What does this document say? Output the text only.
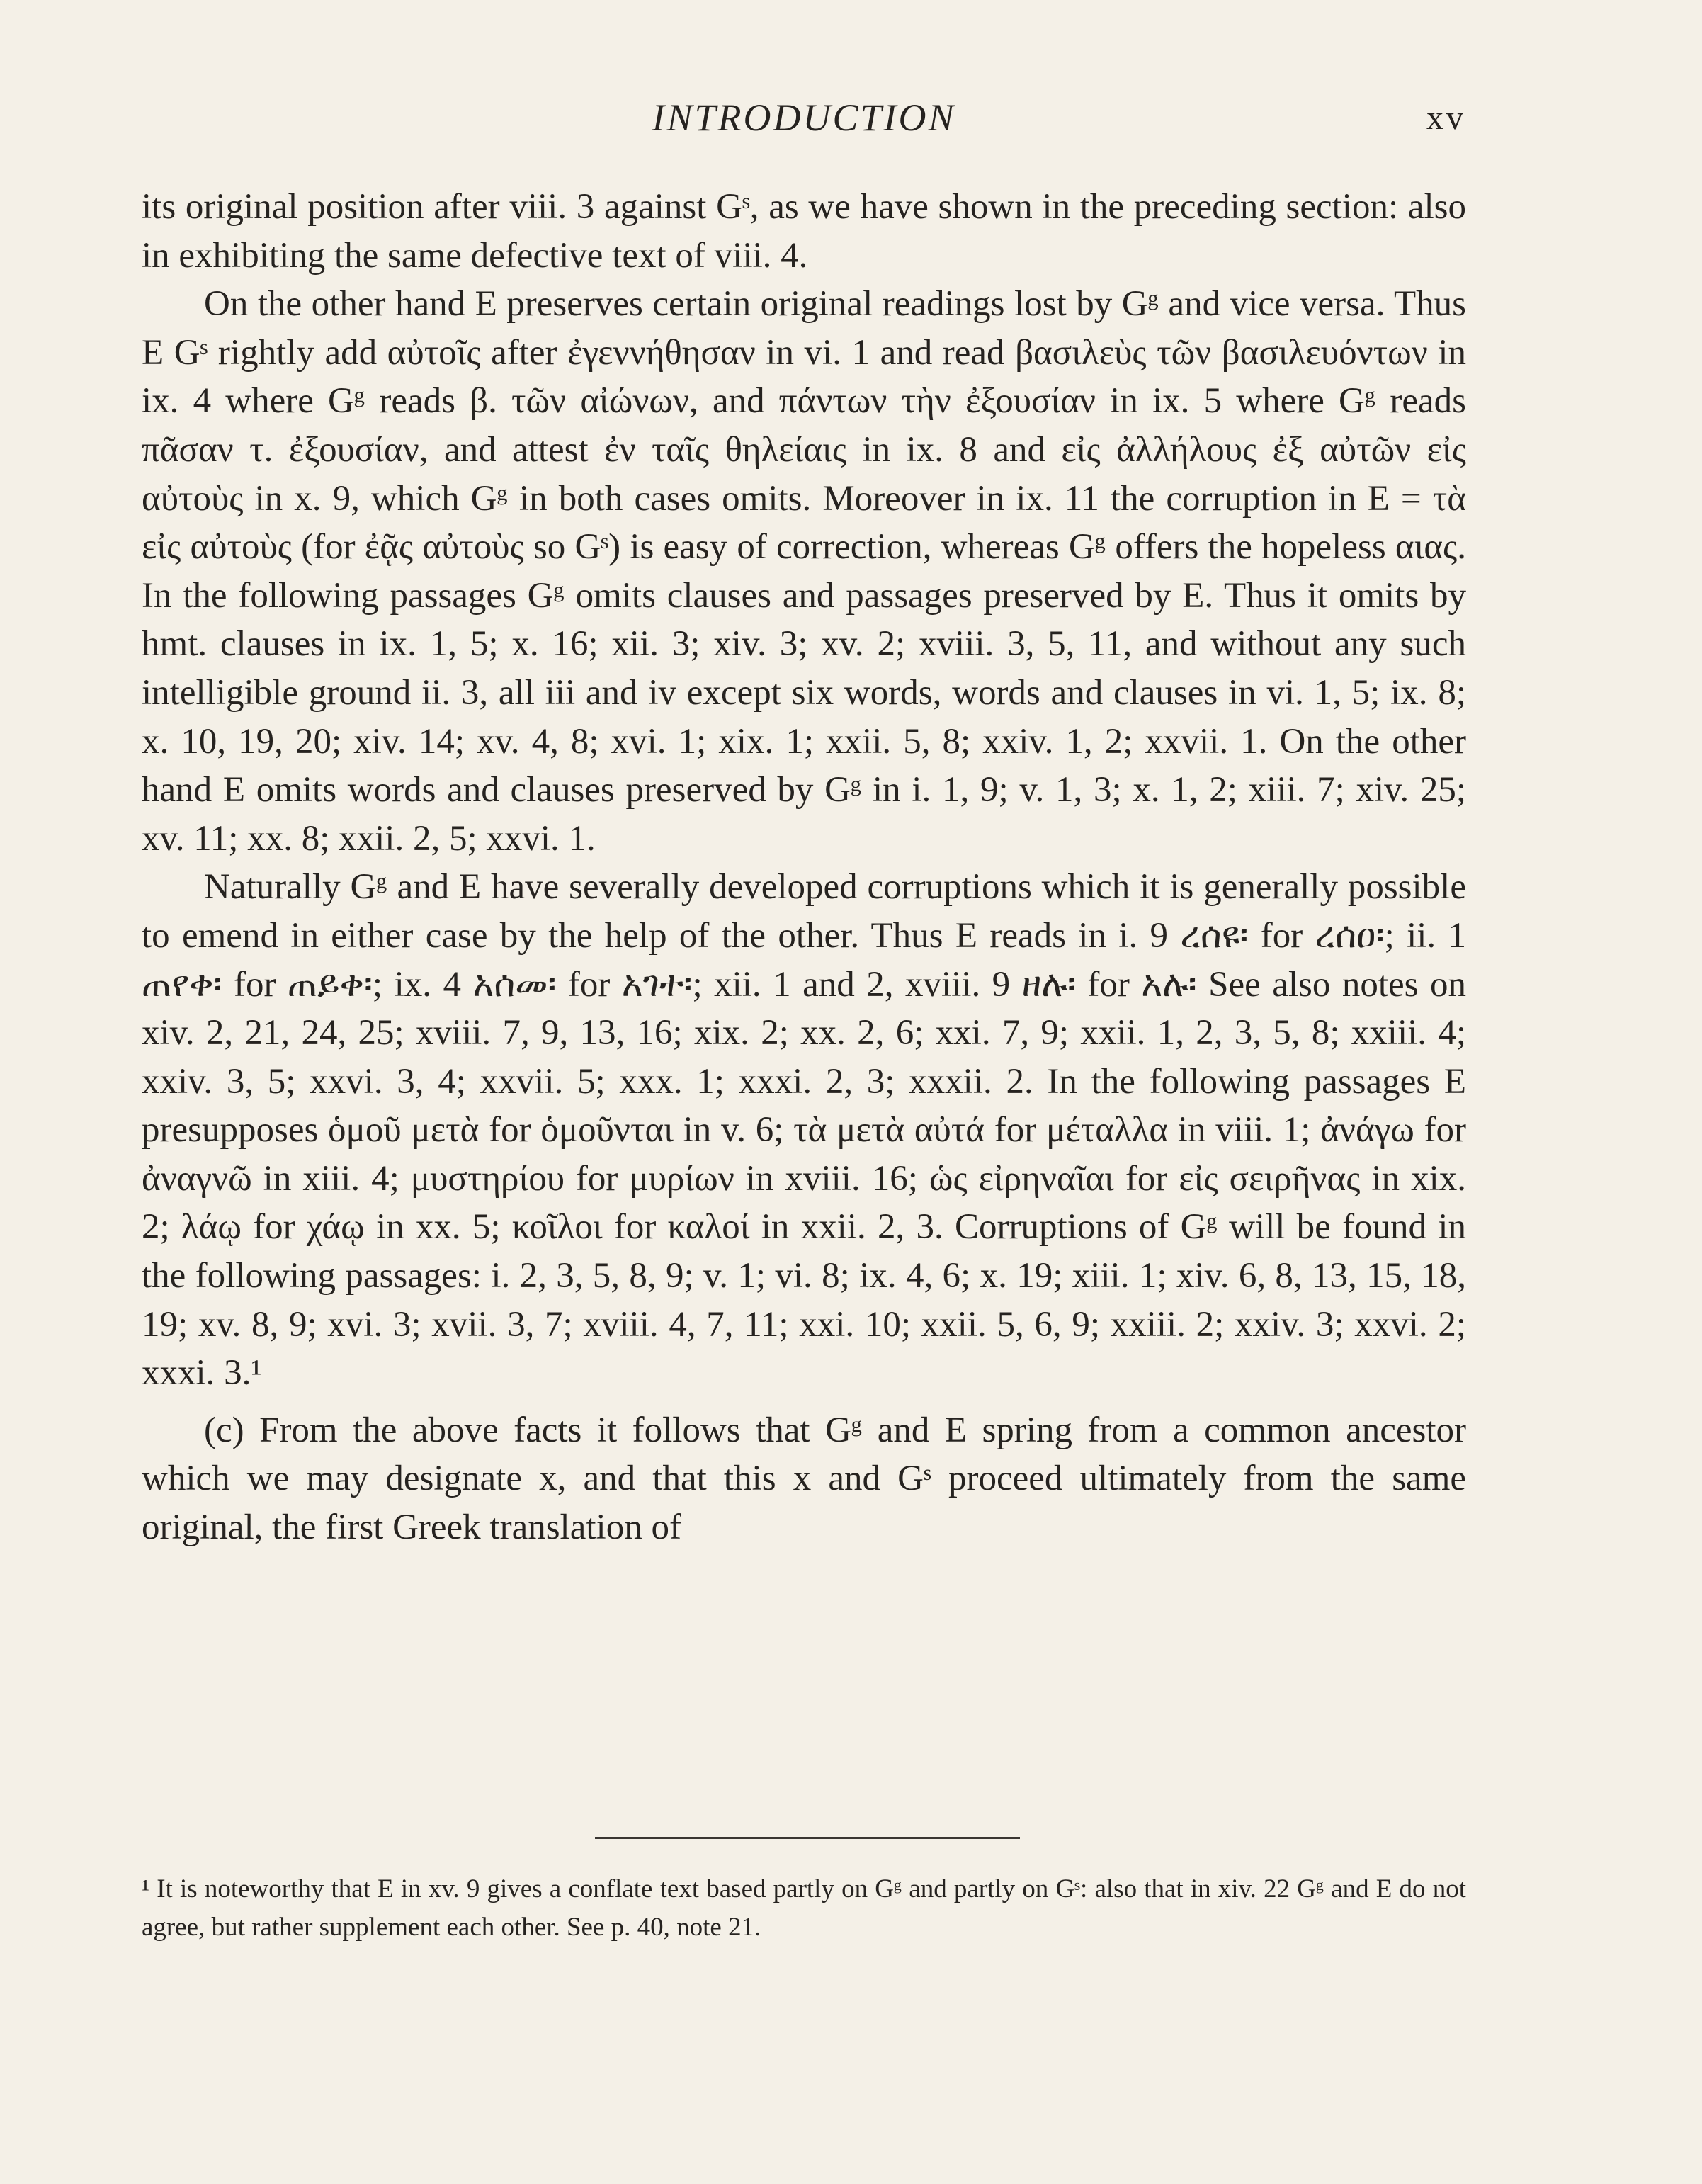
INTRODUCTION	xv

its original position after viii. 3 against Gˢ, as we have shown in the preceding section: also in exhibiting the same defective text of viii. 4.

On the other hand E preserves certain original readings lost by Gᵍ and vice versa. Thus E Gˢ rightly add αὐτοῖς after ἐγεννήθησαν in vi. 1 and read βασιλεὺς τῶν βασιλευόντων in ix. 4 where Gᵍ reads β. τῶν αἰώνων, and πάντων τὴν ἐξουσίαν in ix. 5 where Gᵍ reads πᾶσαν τ. ἐξουσίαν, and attest ἐν ταῖς θηλείαις in ix. 8 and εἰς ἀλλήλους ἐξ αὐτῶν εἰς αὐτοὺς in x. 9, which Gᵍ in both cases omits. Moreover in ix. 11 the corruption in E = τὰ εἰς αὐτοὺς (for ἐᾷς αὐτοὺς so Gˢ) is easy of correction, whereas Gᵍ offers the hopeless αιας. In the following passages Gᵍ omits clauses and passages preserved by E. Thus it omits by hmt. clauses in ix. 1, 5; x. 16; xii. 3; xiv. 3; xv. 2; xviii. 3, 5, 11, and without any such intelligible ground ii. 3, all iii and iv except six words, words and clauses in vi. 1, 5; ix. 8; x. 10, 19, 20; xiv. 14; xv. 4, 8; xvi. 1; xix. 1; xxii. 5, 8; xxiv. 1, 2; xxvii. 1. On the other hand E omits words and clauses preserved by Gᵍ in i. 1, 9; v. 1, 3; x. 1, 2; xiii. 7; xiv. 25; xv. 11; xx. 8; xxii. 2, 5; xxvi. 1.

Naturally Gᵍ and E have severally developed corruptions which it is generally possible to emend in either case by the help of the other. Thus E reads in i. 9 ረሰዩ፡ for ረሰዐ፡; ii. 1 ጠየቀ፡ for ጠይቀ፡; ix. 4 አሰመ፡ for አገተ፡; xii. 1 and 2, xviii. 9 ዘሉ፡ for አሉ፡ See also notes on xiv. 2, 21, 24, 25; xviii. 7, 9, 13, 16; xix. 2; xx. 2, 6; xxi. 7, 9; xxii. 1, 2, 3, 5, 8; xxiii. 4; xxiv. 3, 5; xxvi. 3, 4; xxvii. 5; xxx. 1; xxxi. 2, 3; xxxii. 2. In the following passages E presupposes ὁμοῦ μετὰ for ὁμοῦνται in v. 6; τὰ μετὰ αὐτά for μέταλλα in viii. 1; ἀνάγω for ἀναγνῶ in xiii. 4; μυστηρίου for μυρίων in xviii. 16; ὡς εἰρηναῖαι for εἰς σειρῆνας in xix. 2; λάῳ for χάῳ in xx. 5; κοῖλοι for καλοί in xxii. 2, 3. Corruptions of Gᵍ will be found in the following passages: i. 2, 3, 5, 8, 9; v. 1; vi. 8; ix. 4, 6; x. 19; xiii. 1; xiv. 6, 8, 13, 15, 18, 19; xv. 8, 9; xvi. 3; xvii. 3, 7; xviii. 4, 7, 11; xxi. 10; xxii. 5, 6, 9; xxiii. 2; xxiv. 3; xxvi. 2; xxxi. 3.¹

(c) From the above facts it follows that Gᵍ and E spring from a common ancestor which we may designate x, and that this x and Gˢ proceed ultimately from the same original, the first Greek translation of

¹ It is noteworthy that E in xv. 9 gives a conflate text based partly on Gᵍ and partly on Gˢ: also that in xiv. 22 Gᵍ and E do not agree, but rather supplement each other. See p. 40, note 21.
